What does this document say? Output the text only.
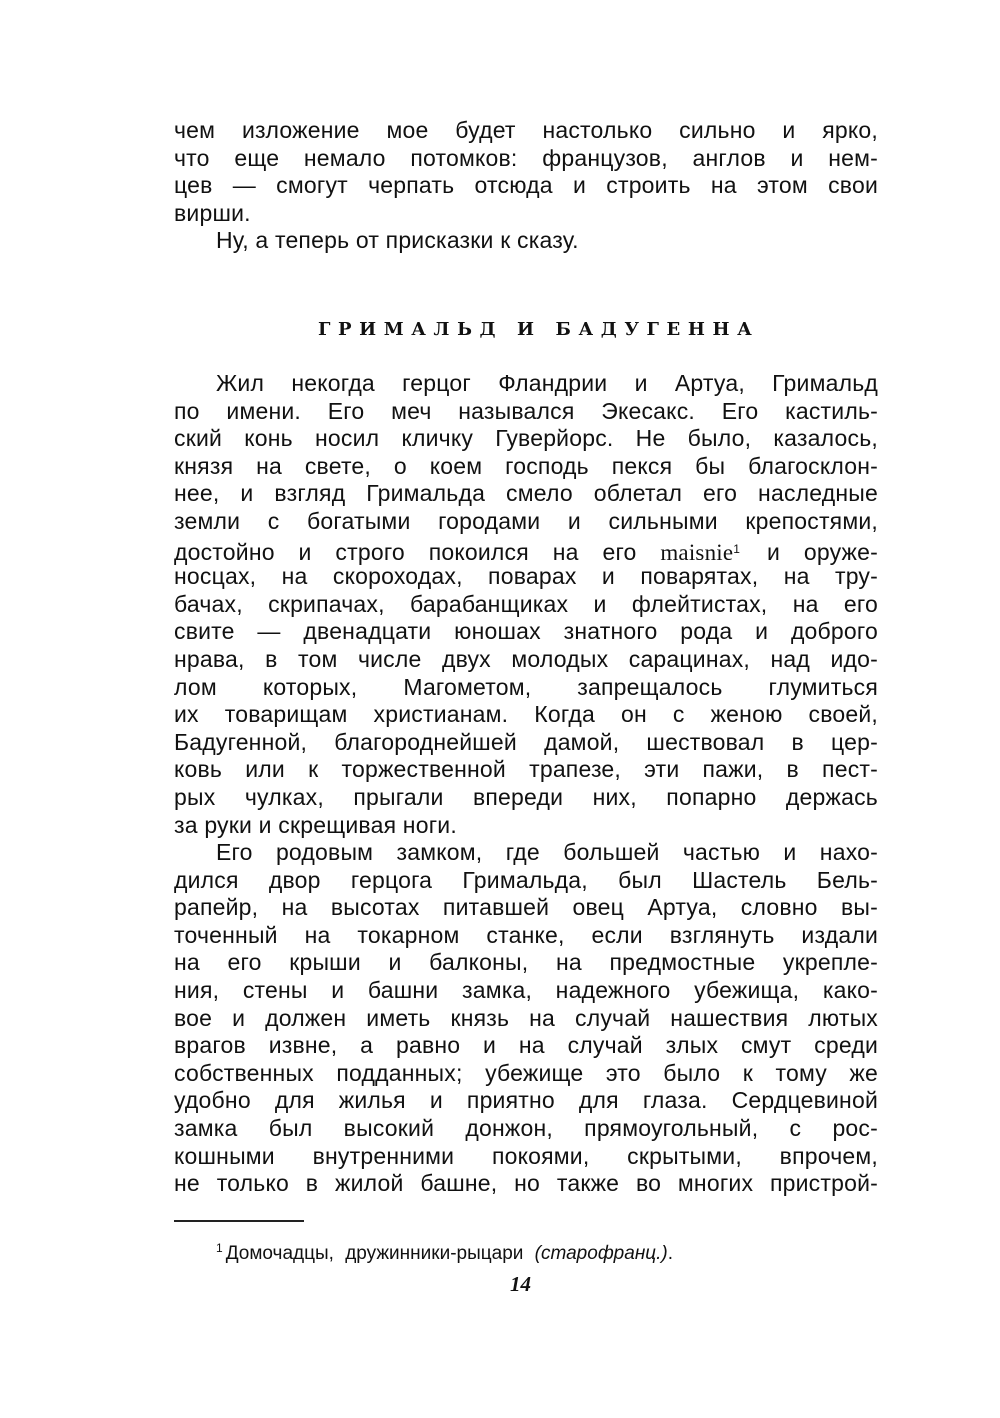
чем изложение мое будет настолько сильно и ярко,
что еще немало потомков: французов, англов и нем-
цев — смогут черпать отсюда и строить на этом свои
вирши.
Ну, а теперь от присказки к сказу.
ГРИМАЛЬД И БАДУГЕННА
Жил некогда герцог Фландрии и Артуа, Гримальд
по имени. Его меч назывался Экесакс. Его кастиль-
ский конь носил кличку Гуверйорс. Не было, казалось,
князя на свете, о коем господь пекся бы благосклон-
нее, и взгляд Гримальда смело облетал его наследные
земли с богатыми городами и сильными крепостями,
достойно и строго покоился на его maisnie$^1$ и оруже-
носцах, на скороходах, поварах и поварятах, на тру-
бачах, скрипачах, барабанщиках и флейтистах, на его
свите — двенадцати юношах знатного рода и доброго
нрава, в том числе двух молодых сарацинах, над идо-
лом которых, Магометом, запрещалось глумиться
их товарищам христианам. Когда он с женою своей,
Бадугенной, благороднейшей дамой, шествовал в цер-
ковь или к торжественной трапезе, эти пажи, в пест-
рых чулках, прыгали впереди них, попарно держась
за руки и скрещивая ноги.
Его родовым замком, где большей частью и нахо-
дился двор герцога Гримальда, был Шастель Бель-
рапейр, на высотах питавшей овец Артуа, словно вы-
точенный на токарном станке, если взглянуть издали
на его крыши и балконы, на предмостные укрепле-
ния, стены и башни замка, надежного убежища, како-
вое и должен иметь князь на случай нашествия лютых
врагов извне, а равно и на случай злых смут среди
собственных подданных; убежище это было к тому же
удобно для жилья и приятно для глаза. Сердцевиной
замка был высокий донжон, прямоугольный, с рос-
кошными внутренними покоями, скрытыми, впрочем,
не только в жилой башне, но также во многих пристрой-
$^1$ Домочадцы, дружинники-рыцари (старофранц.).
14
